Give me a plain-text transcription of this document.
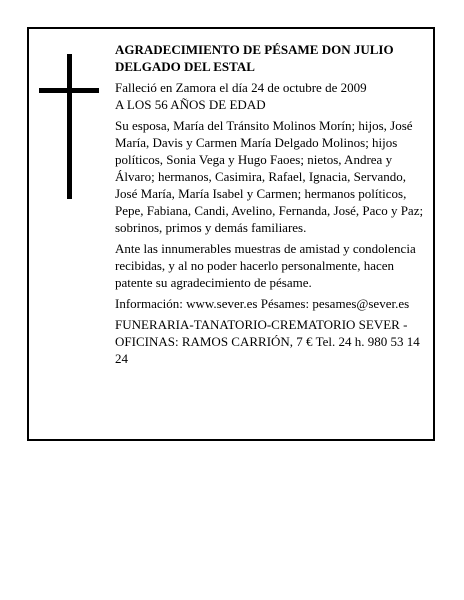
AGRADECIMIENTO DE PÉSAME DON JULIO DELGADO DEL ESTAL

Falleció en Zamora el día 24 de octubre de 2009

A LOS 56 AÑOS DE EDAD

Su esposa, María del Tránsito Molinos Morín; hijos, José María, Davis y Carmen María Delgado Molinos; hijos políticos, Sonia Vega y Hugo Faoes; nietos, Andrea y Álvaro; hermanos, Casimira, Rafael, Ignacia, Servando, José María, María Isabel y Carmen; hermanos políticos, Pepe, Fabiana, Candi, Avelino, Fernanda, José, Paco y Paz; sobrinos, primos y demás familiares.

Ante las innumerables muestras de amistad y condolencia recibidas, y al no poder hacerlo personalmente, hacen patente su agradecimiento de pésame.

Información: www.sever.es Pésames: pesames@sever.es

FUNERARIA-TANATORIO-CREMATORIO SEVER - OFICINAS: RAMOS CARRIÓN, 7 € Tel. 24 h. 980 53 14 24
